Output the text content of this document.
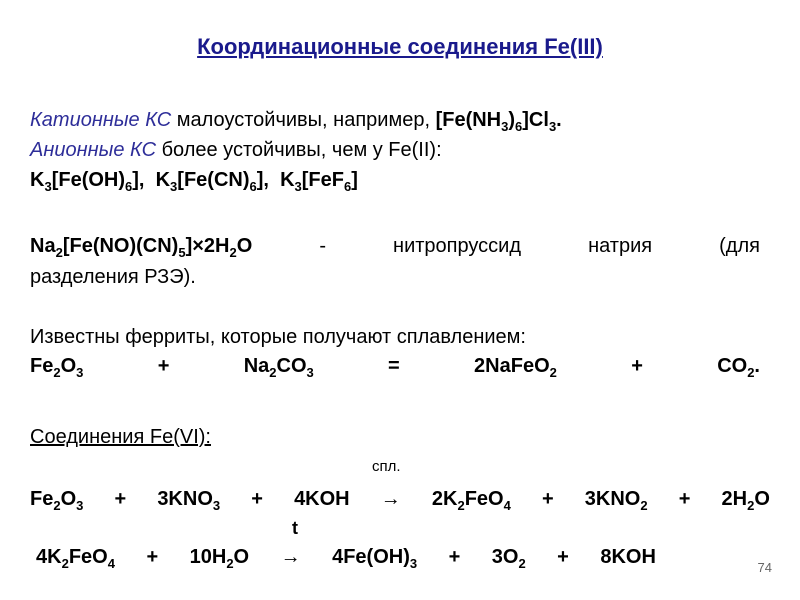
Координационные соединения Fe(III)
Катионные КС малоустойчивы, например, $[Fe(NH_3)_6]Cl_3$.
Анионные КС более устойчивы, чем у Fe(II):
$K_3[Fe(OH)_6]$, $K_3[Fe(CN)_6]$, $K_3[FeF_6]$
$Na_2[Fe(NO)(CN)_5]\times 2H_2O$	-	нитропруссид	натрия	(для
разделения РЗЭ).
Известны ферриты, которые получают сплавлением:
$Fe_2O_3$	+	$Na_2CO_3$	=	2NaFeO$_2$	+	$CO_2$.
Соединения Fe(VI):
спл.
$Fe_2O_3 + 3KNO_3 + 4KOH \to 2K_2FeO_4 + 3KNO_2 + 2H_2O$
t
$4K_2FeO_4 + 10H_2O \to 4Fe(OH)_3 + 3O_2 + 8KOH$	74
